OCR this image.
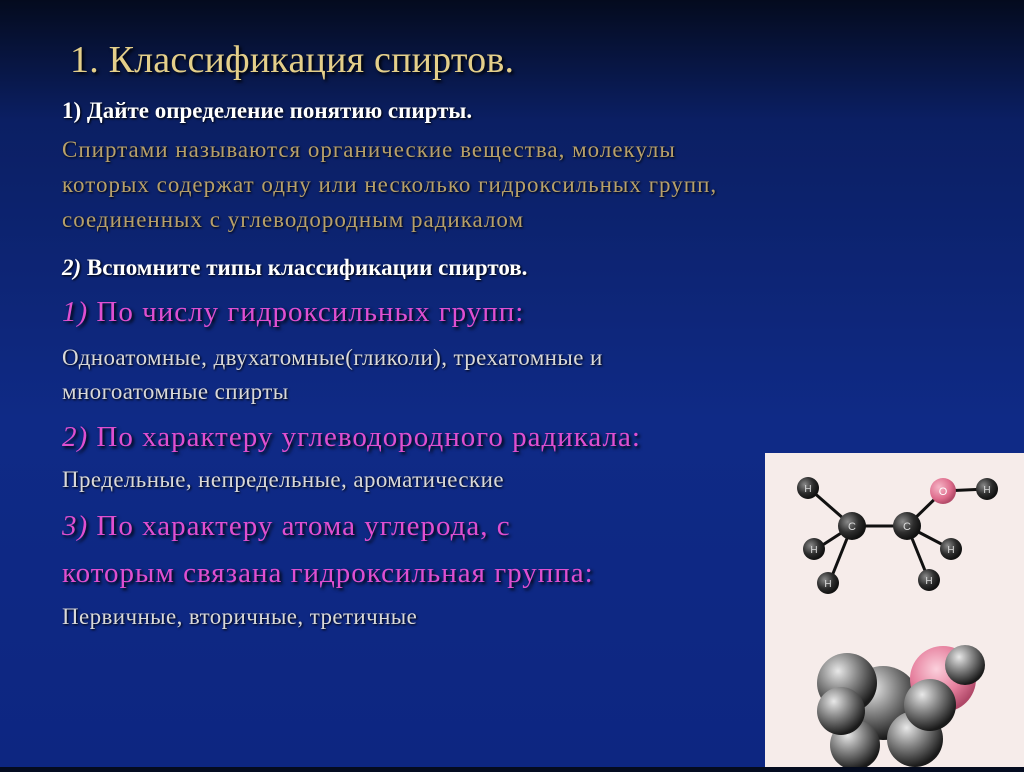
1. Классификация спиртов.
1) Дайте определение понятию спирты.
Спиртами называются органические вещества, молекулы
которых содержат одну или несколько гидроксильных групп,
соединенных с углеводородным радикалом
2) Вспомните типы классификации спиртов.
1) По числу гидроксильных групп:
Одноатомные, двухатомные(гликоли), трехатомные и
многоатомные спирты
2) По характеру углеводородного радикала:
Предельные, непредельные, ароматические
3) По характеру атома углерода, с
которым связана гидроксильная группа:
Первичные, вторичные, третичные
H
H
H
C	C
O	H
H
H
